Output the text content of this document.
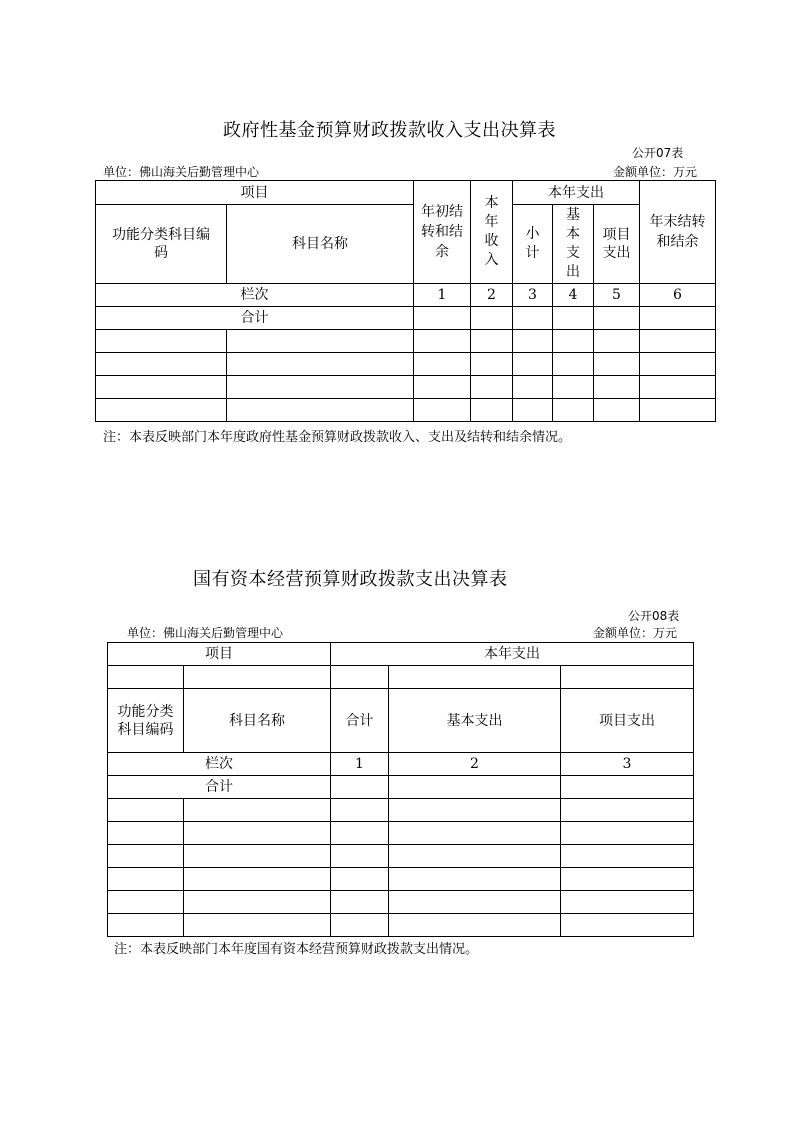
政府性基金预算财政拨款收入支出决算表
公开07表
单位：佛山海关后勤管理中心	金额单位：万元
项目		年初结转和结余	本年收入	本年支出			年末结转和结余
功能分类科目编码	科目名称			小计	基本支出	项目支出	
栏次		1	2	3	4	5	6
合计							

注：本表反映部门本年度政府性基金预算财政拨款收入、支出及结转和结余情况。
国有资本经营预算财政拨款支出决算表
公开08表
单位：佛山海关后勤管理中心	金额单位：万元
项目		本年支出		

功能分类科目编码	科目名称	合计	基本支出	项目支出
栏次		1	2	3
合计				

注：本表反映部门本年度国有资本经营预算财政拨款支出情况。
